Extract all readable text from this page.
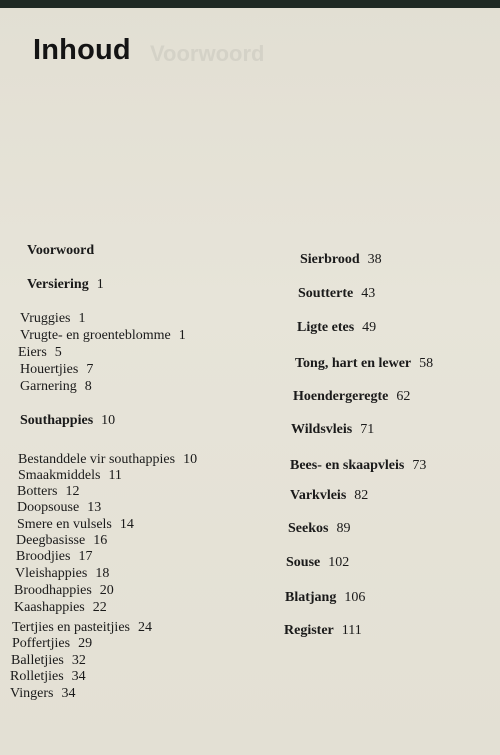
Voorwoord
Inhoud
Voorwoord
Versiering 1
Vruggies 1
Vrugte- en groenteblomme 1
Eiers 5
Houertjies 7
Garnering 8
Southappies 10
Bestanddele vir southappies 10
Smaakmiddels 11
Botters 12
Doopsouse 13
Smere en vulsels 14
Deegbasisse 16
Broodjies 17
Vleishappies 18
Broodhappies 20
Kaashappies 22
Tertjies en pasteitjies 24
Poffertjies 29
Balletjies 32
Rolletjies 34
Vingers 34
Sierbrood 38
Soutterte 43
Ligte etes 49
Tong, hart en lewer 58
Hoendergeregte 62
Wildsvleis 71
Bees- en skaapvleis 73
Varkvleis 82
Seekos 89
Souse 102
Blatjang 106
Register 111
